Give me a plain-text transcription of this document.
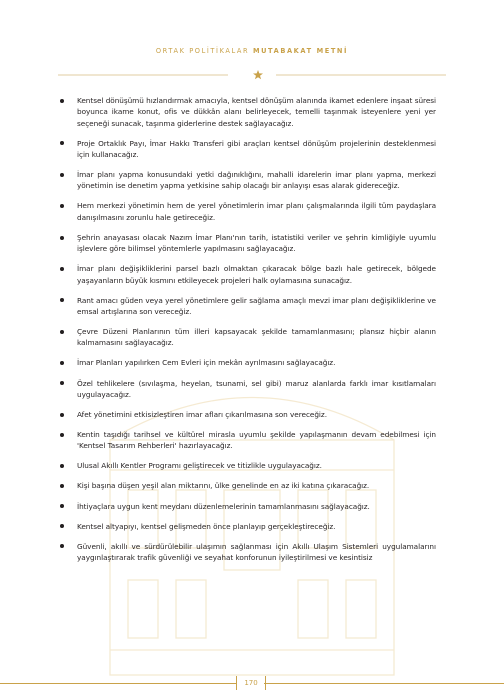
ORTAK POLİTİKALAR MUTABAKAT METNİ
Kentsel dönüşümü hızlandırmak amacıyla, kentsel dönüşüm alanında ikamet edenlere inşaat süresi boyunca ikame konut, ofis ve dükkân alanı belirleyecek, temelli taşınmak isteyenlere yeni yer seçeneği sunacak, taşınma giderlerine destek sağlayacağız.
Proje Ortaklık Payı, İmar Hakkı Transferi gibi araçları kentsel dönüşüm projelerinin desteklenmesi için kullanacağız.
İmar planı yapma konusundaki yetki dağınıklığını, mahalli idarelerin imar planı yapma, merkezi yönetimin ise denetim yapma yetkisine sahip olacağı bir anlayışı esas alarak gidereceğiz.
Hem merkezi yönetimin hem de yerel yönetimlerin imar planı çalışmalarında ilgili tüm paydaşlara danışılmasını zorunlu hale getireceğiz.
Şehrin anayasası olacak Nazım İmar Planı'nın tarih, istatistiki veriler ve şehrin kimliğiyle uyumlu işlevlere göre bilimsel yöntemlerle yapılmasını sağlayacağız.
İmar planı değişikliklerini parsel bazlı olmaktan çıkaracak bölge bazlı hale getirecek, bölgede yaşayanların büyük kısmını etkileyecek projeleri halk oylamasına sunacağız.
Rant amacı güden veya yerel yönetimlere gelir sağlama amaçlı mevzi imar planı değişikliklerine ve emsal artışlarına son vereceğiz.
Çevre Düzeni Planlarının tüm illeri kapsayacak şekilde tamamlanmasını; plansız hiçbir alanın kalmamasını sağlayacağız.
İmar Planları yapılırken Cem Evleri için mekân ayrılmasını sağlayacağız.
Özel tehlikelere (sıvılaşma, heyelan, tsunami, sel gibi) maruz alanlarda farklı imar kısıtlamaları uygulayacağız.
Afet yönetimini etkisizleştiren imar afları çıkarılmasına son vereceğiz.
Kentin taşıdığı tarihsel ve kültürel mirasla uyumlu şekilde yapılaşmanın devam edebilmesi için 'Kentsel Tasarım Rehberleri' hazırlayacağız.
Ulusal Akıllı Kentler Programı geliştirecek ve titizlikle uygulayacağız.
Kişi başına düşen yeşil alan miktarını, ülke genelinde en az iki katına çıkaracağız.
İhtiyaçlara uygun kent meydanı düzenlemelerinin tamamlanmasını sağlayacağız.
Kentsel altyapıyı, kentsel gelişmeden önce planlayıp gerçekleştireceğiz.
Güvenli, akıllı ve sürdürülebilir ulaşımın sağlanması için Akıllı Ulaşım Sistemleri uygulamalarını yaygınlaştırarak trafik güvenliği ve seyahat konforunun iyileştirilmesi ve kesintisiz
170
